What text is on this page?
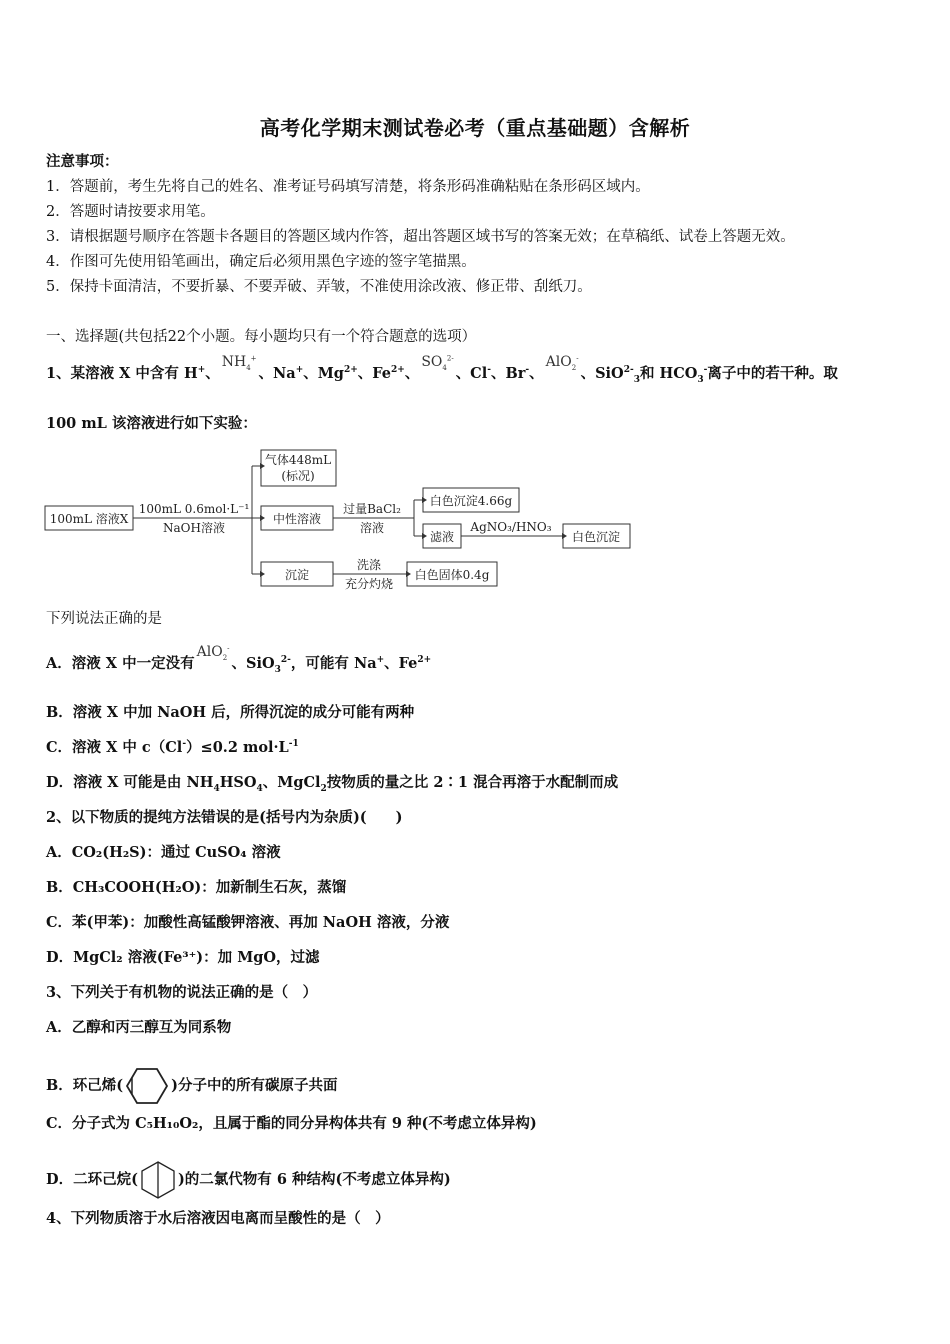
高考化学期末测试卷必考（重点基础题）含解析
注意事项：
1．答题前，考生先将自己的姓名、准考证号码填写清楚，将条形码准确粘贴在条形码区域内。
2．答题时请按要求用笔。
3．请根据题号顺序在答题卡各题目的答题区域内作答，超出答题区域书写的答案无效；在草稿纸、试卷上答题无效。
4．作图可先使用铅笔画出，确定后必须用黑色字迹的签字笔描黑。
5．保持卡面清洁，不要折暴、不要弄破、弄皱，不准使用涂改液、修正带、刮纸刀。
一、选择题(共包括22个小题。每小题均只有一个符合题意的选项）
1、某溶液 X 中含有 H+、$NH_4^+$、Na+、$Mg^{2+}$、$Fe^{2+}$、$SO_4^{2-}$、Cl-、Br-、AlO$_2$-、SiO$^{2-}_3$和 $HCO_3^-$离子中的若干种。取
100 mL 该溶液进行如下实验：
100mL 溶液X
100mL 0.6mol·L⁻¹
NaOH溶液
气体448mL
(标况)
中性溶液
过量BaCl₂
溶液
白色沉淀4.66g
滤液
AgNO₃/HNO₃
白色沉淀
沉淀
洗涤
充分灼烧
白色固体0.4g
下列说法正确的是
A．溶液 X 中一定没有AlO$_2$-、SiO$_3^{2-}$，可能有 Na+、$Fe^{2+}$
B．溶液 X 中加 NaOH 后，所得沉淀的成分可能有两种
C．溶液 X 中 c（Cl-）≤0.2 $mol\cdot L^{-1}$
D．溶液 X 可能是由 $NH_4HSO_4$、MgCl$_2$按物质的量之比 2∶1 混合再溶于水配制而成
2、以下物质的提纯方法错误的是(括号内为杂质)(　　)
A．CO₂(H₂S)：通过 CuSO₄ 溶液
B．CH₃COOH(H₂O)：加新制生石灰，蒸馏
C．苯(甲苯)：加酸性高锰酸钾溶液、再加 NaOH 溶液，分液
D．MgCl₂ 溶液(Fe³⁺)：加 MgO，过滤
3、下列关于有机物的说法正确的是（　）
A．乙醇和丙三醇互为同系物
B．环己烯(	)分子中的所有碳原子共面
C．分子式为 C₅H₁₀O₂，且属于酯的同分异构体共有 9 种(不考虑立体异构)
D．二环己烷(	)的二氯代物有 6 种结构(不考虑立体异构)
4、下列物质溶于水后溶液因电离而呈酸性的是（　）
